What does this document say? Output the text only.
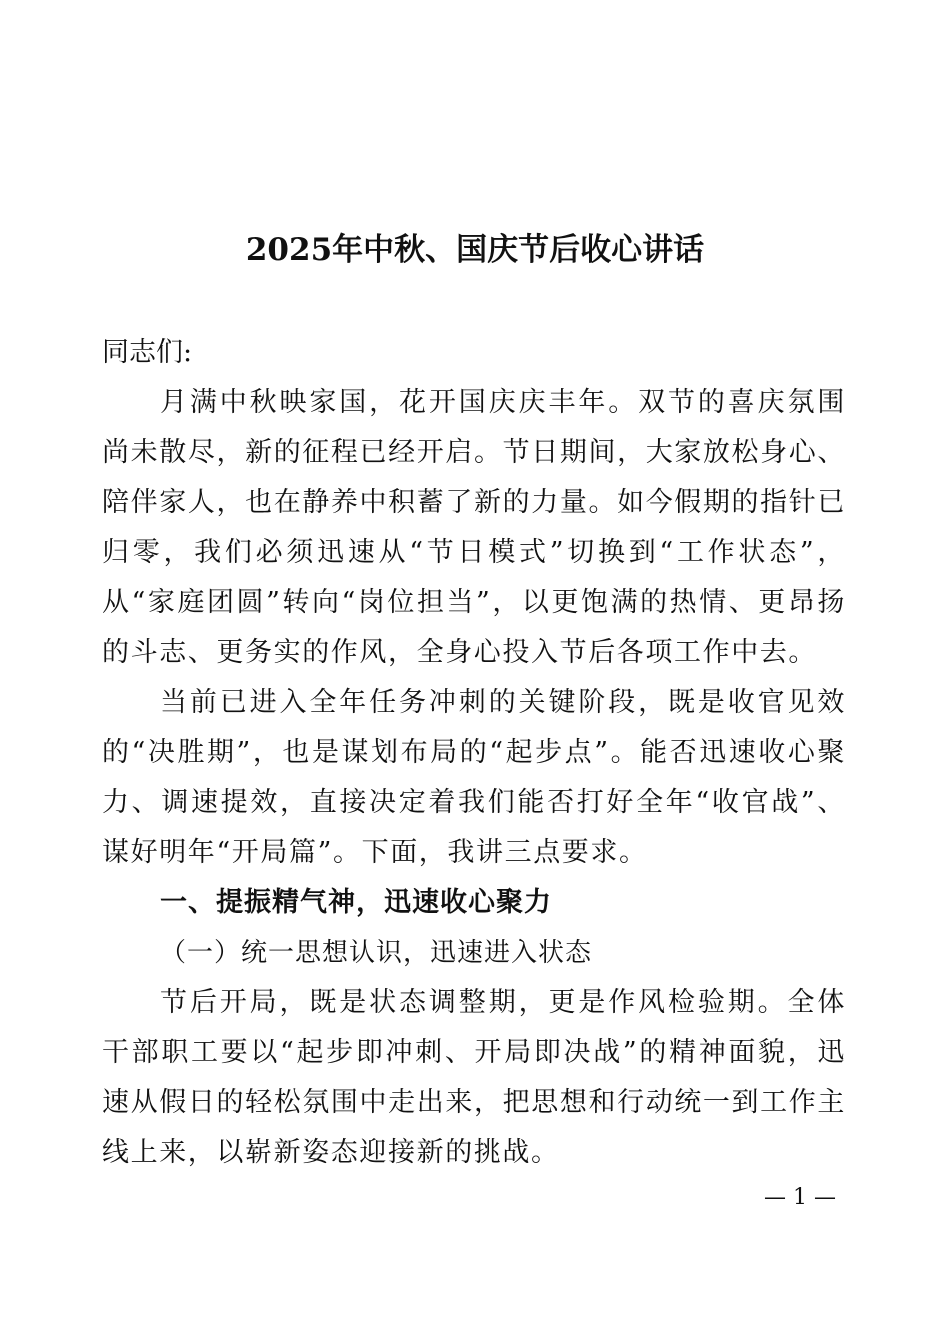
2025年中秋、国庆节后收心讲话

同志们:

月满中秋映家国，花开国庆庆丰年。双节的喜庆氛围尚未散尽，新的征程已经开启。节日期间，大家放松身心、陪伴家人，也在静养中积蓄了新的力量。如今假期的指针已归零，我们必须迅速从“节日模式”切换到“工作状态”，从“家庭团圆”转向“岗位担当”，以更饱满的热情、更昂扬的斗志、更务实的作风，全身心投入节后各项工作中去。

当前已进入全年任务冲刺的关键阶段，既是收官见效的“决胜期”，也是谋划布局的“起步点”。能否迅速收心聚力、调速提效，直接决定着我们能否打好全年“收官战”、谋好明年“开局篇”。下面，我讲三点要求。

一、提振精气神，迅速收心聚力

（一）统一思想认识，迅速进入状态

节后开局，既是状态调整期，更是作风检验期。全体干部职工要以“起步即冲刺、开局即决战”的精神面貌，迅速从假日的轻松氛围中走出来，把思想和行动统一到工作主线上来，以崭新姿态迎接新的挑战。

— 1 —
